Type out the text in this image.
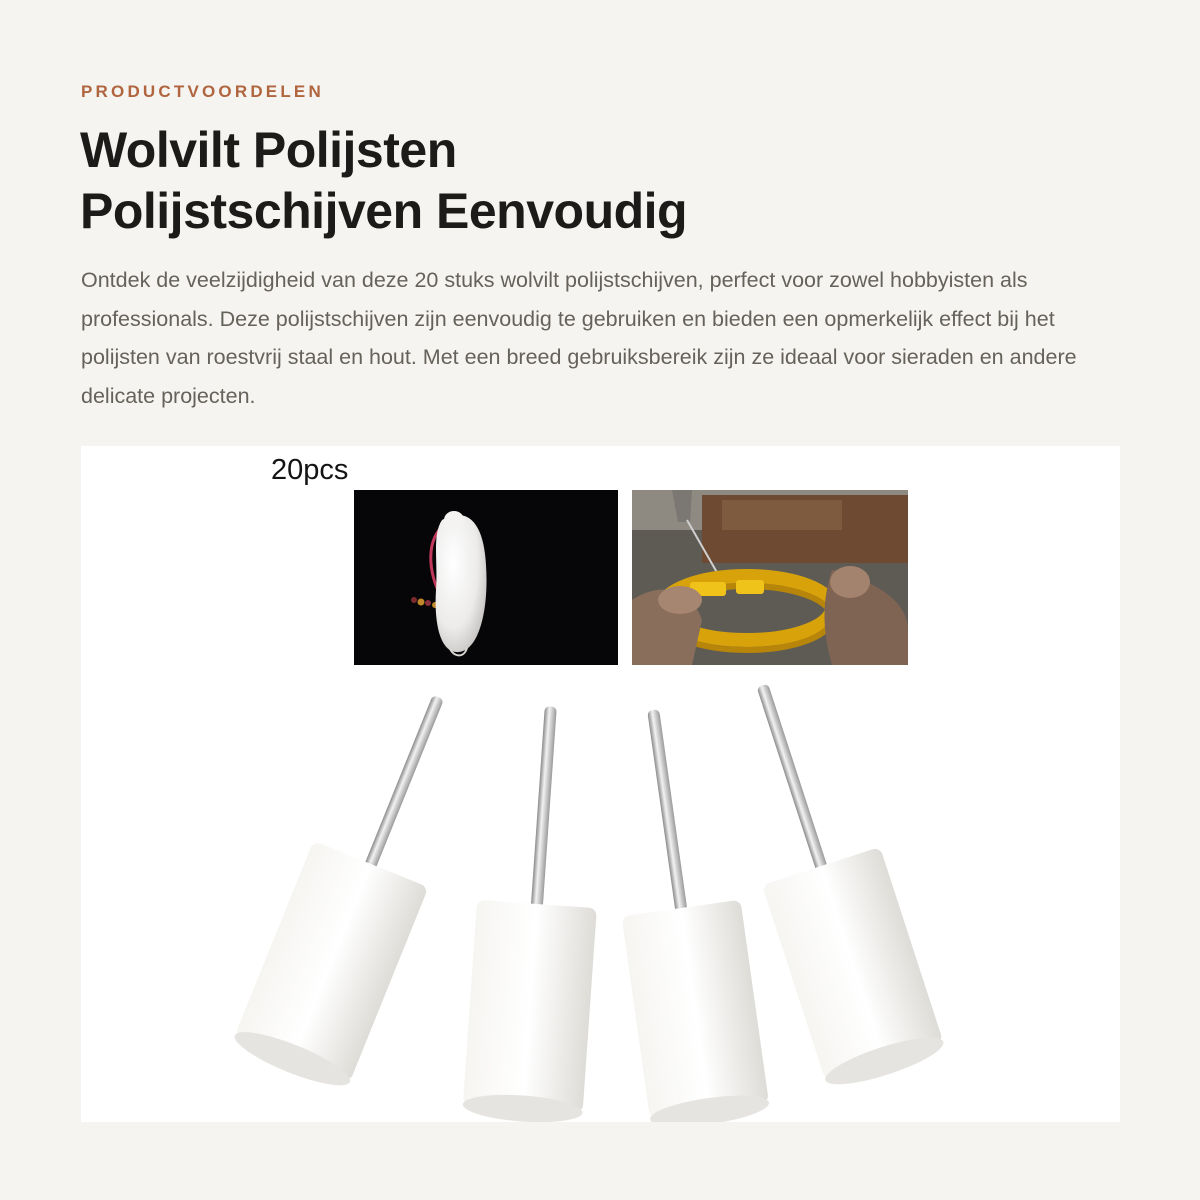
PRODUCTVOORDELEN
Wolvilt Polijsten
Polijstschijven Eenvoudig

Ontdek de veelzijdigheid van deze 20 stuks wolvilt polijstschijven, perfect voor zowel hobbyisten als professionals. Deze polijstschijven zijn eenvoudig te gebruiken en bieden een opmerkelijk effect bij het polijsten van roestvrij staal en hout. Met een breed gebruiksbereik zijn ze ideaal voor sieraden en andere delicate projecten.

20pcs
